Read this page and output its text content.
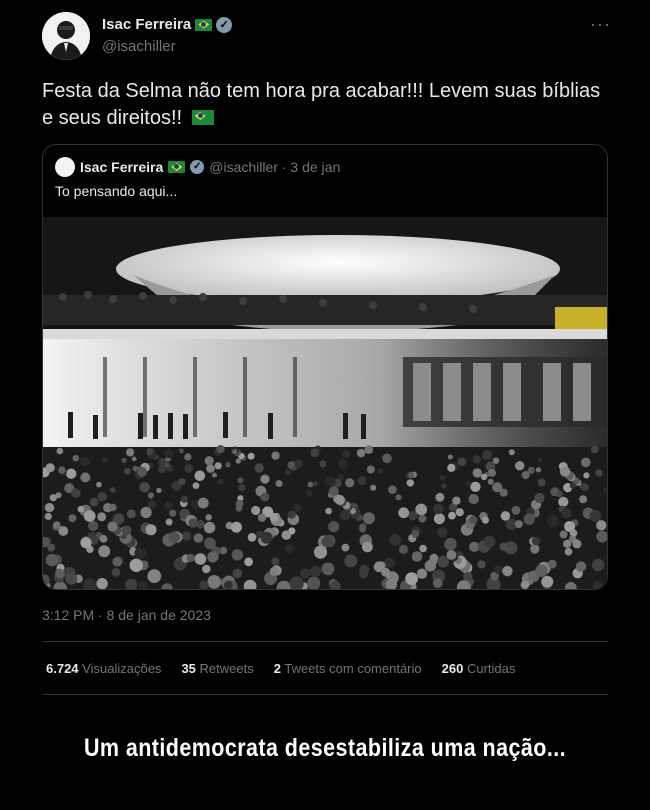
Isac Ferreira	✓
@isachiller
···
Festa da Selma não tem hora pra acabar!!! Levem suas bíblias e seus direitos!!
Isac Ferreira	✓ @isachiller · 3 de jan
To pensando aqui...
3:12 PM · 8 de jan de 2023
6.724 Visualizações 35 Retweets 2 Tweets com comentário 260 Curtidas
Um antidemocrata desestabiliza uma nação...
